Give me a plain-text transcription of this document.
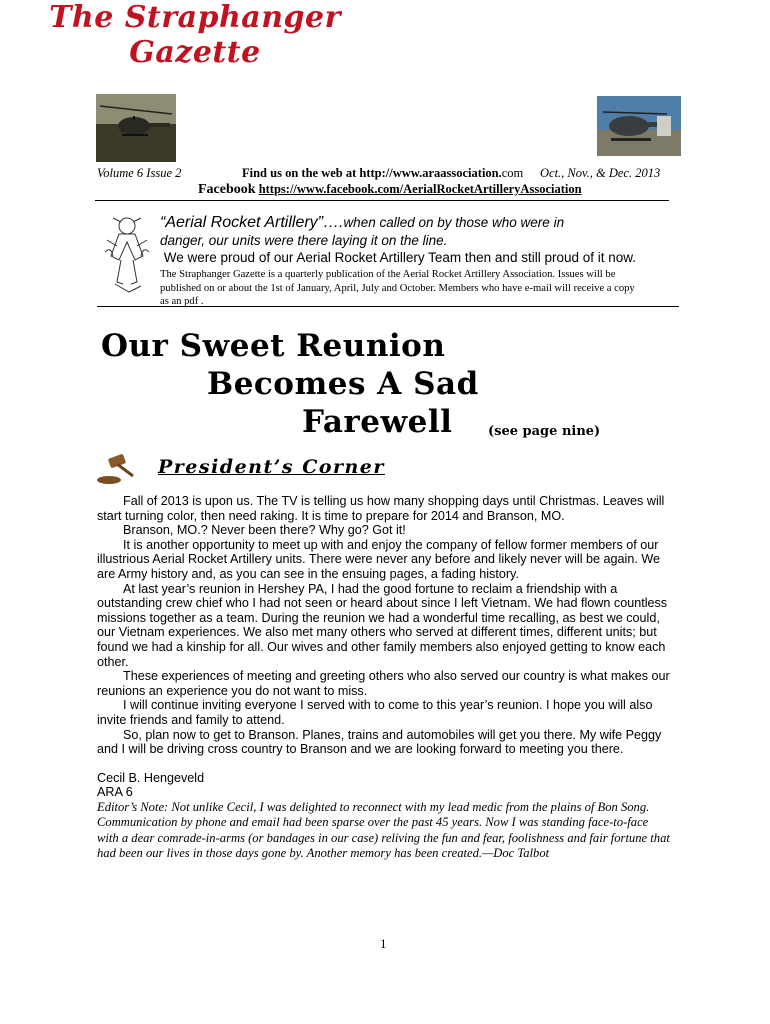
The Straphanger Gazette
Volume 6 Issue 2	Find us on the web at http://www.araassociation.com Oct., Nov., & Dec. 2013
Facebook https://www.facebook.com/AerialRocketArtilleryAssociation
“Aerial Rocket Artillery”….when called on by those who were in
danger, our units were there laying it on the line.
We were proud of our Aerial Rocket Artillery Team then and still proud of it now.
The Straphanger Gazette is a quarterly publication of the Aerial Rocket Artillery Association. Issues will be
published on or about the 1st of January, April, July and October. Members who have e-mail will receive a copy
as an pdf .
Our Sweet Reunion
Becomes A Sad
Farewell	(see page nine)
President’s Corner
Fall of 2013 is upon us. The TV is telling us how many shopping days until Christmas. Leaves will start turning color, then need raking. It is time to prepare for 2014 and Branson, MO.
Branson, MO.? Never been there? Why go? Got it!
It is another opportunity to meet up with and enjoy the company of fellow former members of our illustrious Aerial Rocket Artillery units. There were never any before and likely never will be again. We are Army history and, as you can see in the ensuing pages, a fading history.
At last year’s reunion in Hershey PA, I had the good fortune to reclaim a friendship with a outstanding crew chief who I had not seen or heard about since I left Vietnam. We had flown countless missions together as a team. During the reunion we had a wonderful time recalling, as best we could, our Vietnam experiences. We also met many others who served at different times, different units; but found we had a kinship for all. Our wives and other family members also enjoyed getting to know each other.
These experiences of meeting and greeting others who also served our country is what makes our reunions an experience you do not want to miss.
I will continue inviting everyone I served with to come to this year’s reunion. I hope you will also invite friends and family to attend.
So, plan now to get to Branson. Planes, trains and automobiles will get you there. My wife Peggy and I will be driving cross country to Branson and we are looking forward to meeting you there.
Cecil B. Hengeveld
ARA 6
Editor’s Note: Not unlike Cecil, I was delighted to reconnect with my lead medic from the plains of Bon Song. Communication by phone and email had been sparse over the past 45 years. Now I was standing face-to-face with a dear comrade-in-arms (or bandages in our case) reliving the fun and fear, foolishness and fair fortune that had been our lives in those days gone by. Another memory has been created.—Doc Talbot
1
